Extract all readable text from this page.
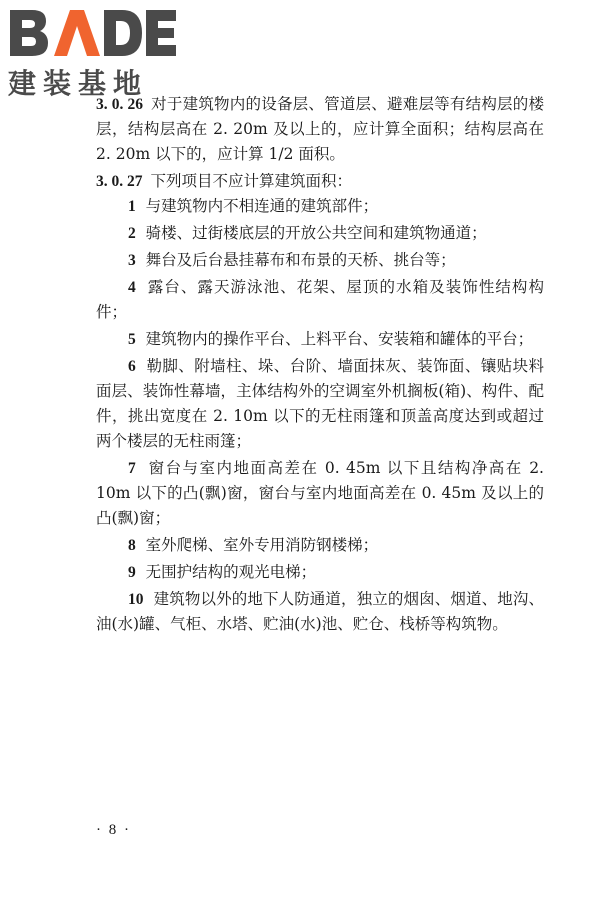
建装基地

3. 0. 26 对于建筑物内的设备层、管道层、避难层等有结构层的楼层，结构层高在 2. 20m 及以上的，应计算全面积；结构层高在 2. 20m 以下的，应计算 1/2 面积。

3. 0. 27 下列项目不应计算建筑面积：

1 与建筑物内不相连通的建筑部件；

2 骑楼、过街楼底层的开放公共空间和建筑物通道；

3 舞台及后台悬挂幕布和布景的天桥、挑台等；

4 露台、露天游泳池、花架、屋顶的水箱及装饰性结构构件；

5 建筑物内的操作平台、上料平台、安装箱和罐体的平台；

6 勒脚、附墙柱、垛、台阶、墙面抹灰、装饰面、镶贴块料面层、装饰性幕墙，主体结构外的空调室外机搁板(箱)、构件、配件，挑出宽度在 2. 10m 以下的无柱雨篷和顶盖高度达到或超过两个楼层的无柱雨篷；

7 窗台与室内地面高差在 0. 45m 以下且结构净高在 2. 10m 以下的凸(飘)窗，窗台与室内地面高差在 0. 45m 及以上的凸(飘)窗；

8 室外爬梯、室外专用消防钢楼梯；

9 无围护结构的观光电梯；

10 建筑物以外的地下人防通道，独立的烟囱、烟道、地沟、油(水)罐、气柜、水塔、贮油(水)池、贮仓、栈桥等构筑物。

· 8 ·
